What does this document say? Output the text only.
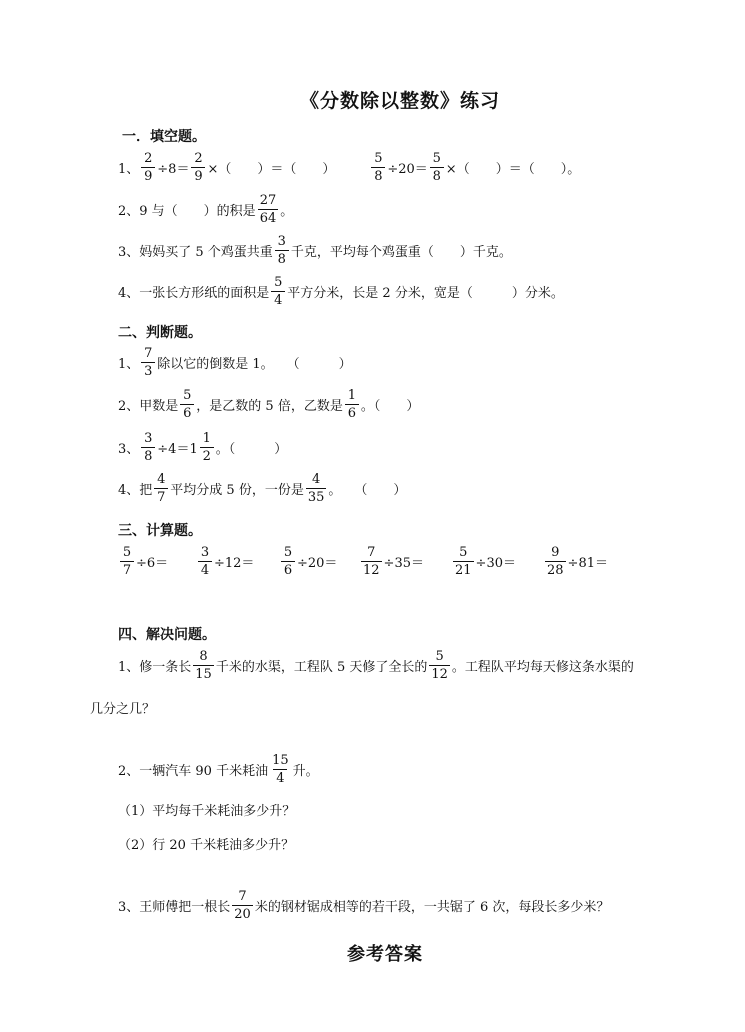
《分数除以整数》练习
一．填空题。
1、 $\frac{2}{9} \div 8= \frac{2}{9}$ ×（　　）＝（　　）	$\frac{5}{8} \div 20= \frac{5}{8}$ ×（　　）＝（　　）。
2、9 与（　　）的积是 $\frac{27}{64}$ 。
3、妈妈买了 5 个鸡蛋共重 $\frac{3}{8}$ 千克，平均每个鸡蛋重（　　）千克。
4、一张长方形纸的面积是 $\frac{5}{4}$ 平方分米，长是 2 分米，宽是（　　　）分米。
二、判断题。
1、 $\frac{7}{3}$ 除以它的倒数是 1。　　（　　　）
2、甲数是 $\frac{5}{6}$ ，是乙数的 5 倍，乙数是 $\frac{1}{6}$ 。（　　）
3、 $\frac{3}{8} \div 4=1 \frac{1}{2}$ 。（　　　）
4、把 $\frac{4}{7}$ 平均分成 5 份，一份是 $\frac{4}{35}$ 。　　（　　）
三、计算题。
$\frac{5}{7} \div 6= \frac{3}{4} \div 12= \frac{5}{6} \div 20= \frac{7}{12} \div 35= \frac{5}{21} \div 30= \frac{9}{28} \div 81=$
四、解决问题。
1、修一条长 $\frac{8}{15}$ 千米的水渠，工程队 5 天修了全长的 $\frac{5}{12}$ 。工程队平均每天修这条水渠的
几分之几？
2、一辆汽车 90 千米耗油 $\frac{15}{4}$ 升。
（1）平均每千米耗油多少升？
（2）行 20 千米耗油多少升？
3、王师傅把一根长 $\frac{7}{20}$ 米的钢材锯成相等的若干段，一共锯了 6 次，每段长多少米？
参考答案
